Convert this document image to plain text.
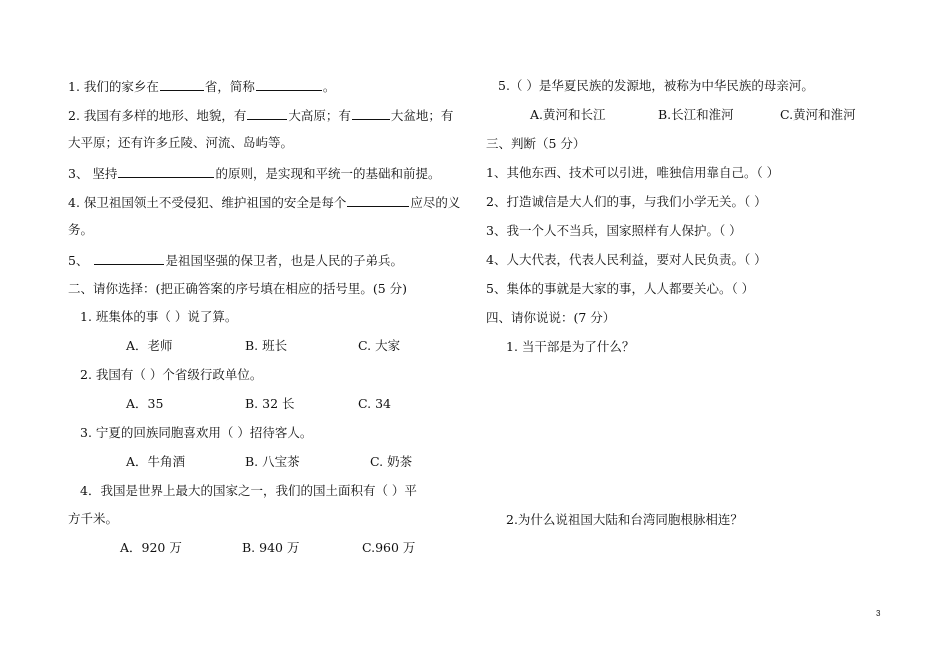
1. 我们的家乡在	省，简称	。
2. 我国有多样的地形、地貌，有	大高原；有	大盆地；有
大平原；还有许多丘陵、河流、岛屿等。
3、 坚持	的原则，是实现和平统一的基础和前提。
4. 保卫祖国领土不受侵犯、维护祖国的安全是每个	应尽的义
务。
5、	是祖国坚强的保卫者，也是人民的子弟兵。
二、请你选择：(把正确答案的序号填在相应的括号里。(5 分)
1. 班集体的事（ ）说了算。
A．老师	B. 班长	C. 大家
2. 我国有（ ）个省级行政单位。
A．35	B. 32 长	C. 34
3. 宁夏的回族同胞喜欢用（ ）招待客人。
A．牛角酒	B. 八宝茶	C. 奶茶
4．我国是世界上最大的国家之一，我们的国土面积有（ ）平
方千米。
A．920 万	B. 940 万	C.960 万
5.（ ）是华夏民族的发源地，被称为中华民族的母亲河。
A.黄河和长江	B.长江和淮河	C.黄河和淮河
三、判断（5 分）
1、其他东西、技术可以引进，唯独信用靠自己。（ ）
2、打造诚信是大人们的事，与我们小学无关。（ ）
3、我一个人不当兵，国家照样有人保护。（ ）
4、人大代表，代表人民利益，要对人民负责。（ ）
5、集体的事就是大家的事，人人都要关心。（ ）
四、请你说说：(7 分）
1. 当干部是为了什么？
2.为什么说祖国大陆和台湾同胞根脉相连？
3
